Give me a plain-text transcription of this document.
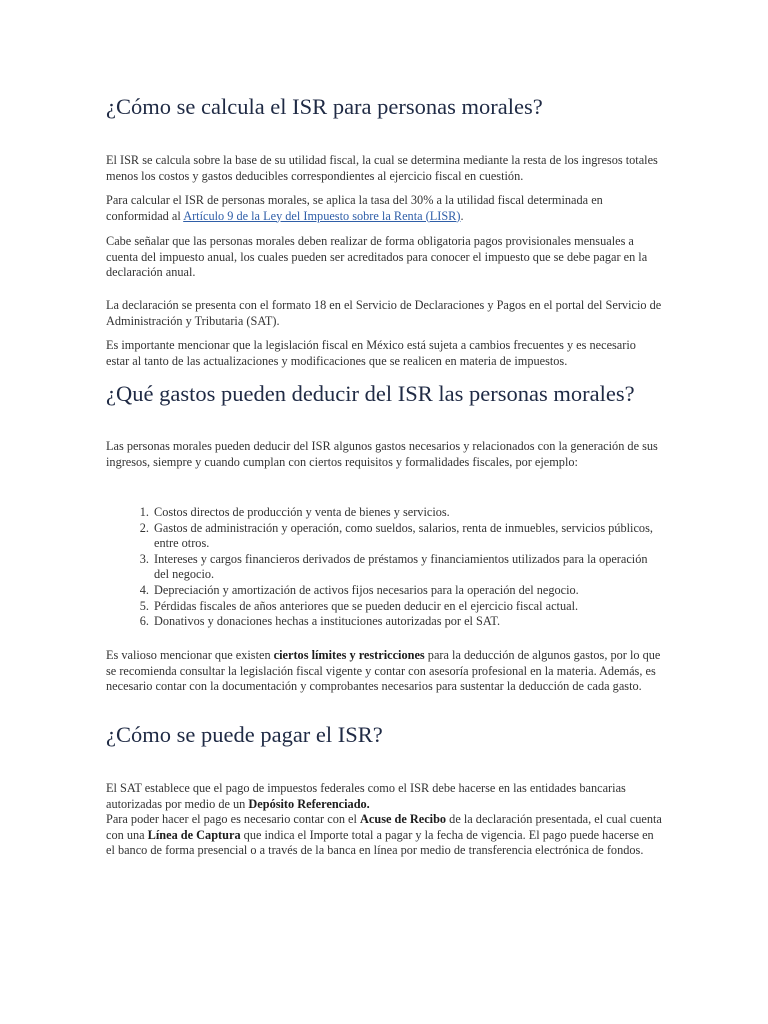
¿Cómo se calcula el ISR para personas morales?

El ISR se calcula sobre la base de su utilidad fiscal, la cual se determina mediante la resta de los ingresos totales menos los costos y gastos deducibles correspondientes al ejercicio fiscal en cuestión.

Para calcular el ISR de personas morales, se aplica la tasa del 30% a la utilidad fiscal determinada en conformidad al Artículo 9 de la Ley del Impuesto sobre la Renta (LISR).

Cabe señalar que las personas morales deben realizar de forma obligatoria pagos provisionales mensuales a cuenta del impuesto anual, los cuales pueden ser acreditados para conocer el impuesto que se debe pagar en la declaración anual.

La declaración se presenta con el formato 18 en el Servicio de Declaraciones y Pagos en el portal del Servicio de Administración y Tributaria (SAT).

Es importante mencionar que la legislación fiscal en México está sujeta a cambios frecuentes y es necesario estar al tanto de las actualizaciones y modificaciones que se realicen en materia de impuestos.

¿Qué gastos pueden deducir del ISR las personas morales?

Las personas morales pueden deducir del ISR algunos gastos necesarios y relacionados con la generación de sus ingresos, siempre y cuando cumplan con ciertos requisitos y formalidades fiscales, por ejemplo:

1. Costos directos de producción y venta de bienes y servicios.
2. Gastos de administración y operación, como sueldos, salarios, renta de inmuebles, servicios públicos, entre otros.
3. Intereses y cargos financieros derivados de préstamos y financiamientos utilizados para la operación del negocio.
4. Depreciación y amortización de activos fijos necesarios para la operación del negocio.
5. Pérdidas fiscales de años anteriores que se pueden deducir en el ejercicio fiscal actual.
6. Donativos y donaciones hechas a instituciones autorizadas por el SAT.

Es valioso mencionar que existen ciertos límites y restricciones para la deducción de algunos gastos, por lo que se recomienda consultar la legislación fiscal vigente y contar con asesoría profesional en la materia. Además, es necesario contar con la documentación y comprobantes necesarios para sustentar la deducción de cada gasto.

¿Cómo se puede pagar el ISR?

El SAT establece que el pago de impuestos federales como el ISR debe hacerse en las entidades bancarias autorizadas por medio de un Depósito Referenciado.
Para poder hacer el pago es necesario contar con el Acuse de Recibo de la declaración presentada, el cual cuenta con una Línea de Captura que indica el Importe total a pagar y la fecha de vigencia. El pago puede hacerse en el banco de forma presencial o a través de la banca en línea por medio de transferencia electrónica de fondos.
